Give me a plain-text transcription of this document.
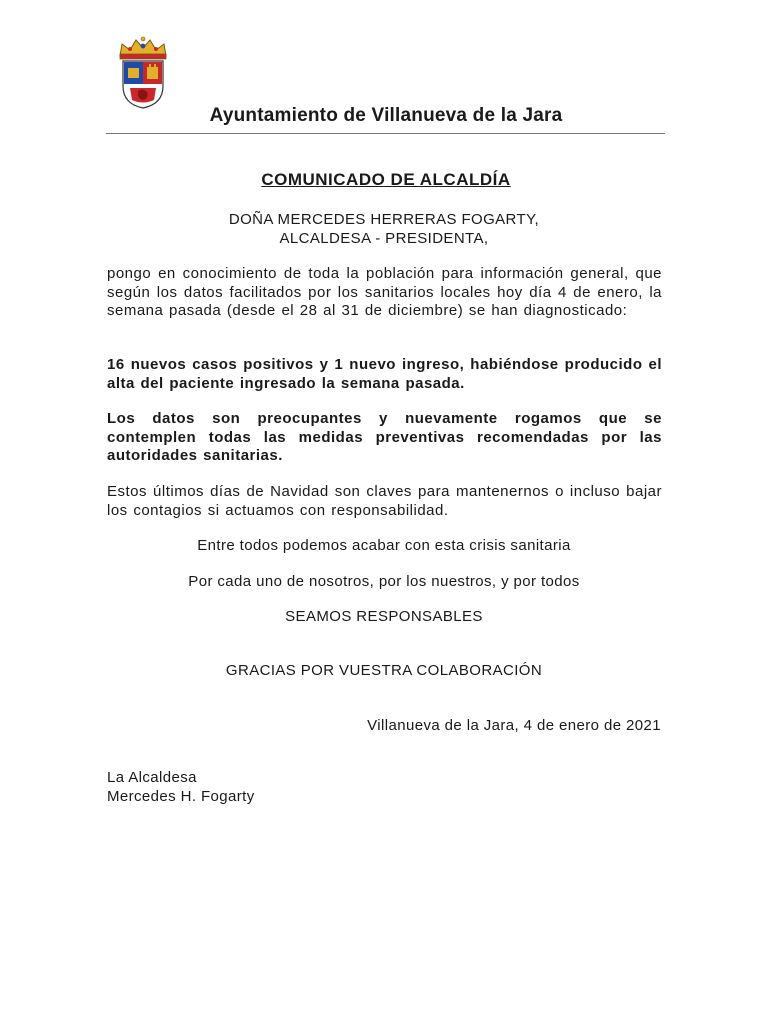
Ayuntamiento de Villanueva de la Jara
COMUNICADO DE ALCALDÍA
DOÑA MERCEDES HERRERAS FOGARTY,
ALCALDESA - PRESIDENTA,
pongo en conocimiento de toda la población para información general, que según los datos facilitados por los sanitarios locales hoy día 4 de enero, la semana pasada (desde el 28 al 31 de diciembre) se han diagnosticado:
16 nuevos casos positivos y 1 nuevo ingreso, habiéndose producido el alta del paciente ingresado la semana pasada.
Los datos son preocupantes y nuevamente rogamos que se contemplen todas las medidas preventivas recomendadas por las autoridades sanitarias.
Estos últimos días de Navidad son claves para mantenernos o incluso bajar los contagios si actuamos con responsabilidad.
Entre todos podemos acabar con esta crisis sanitaria
Por cada uno de nosotros, por los nuestros, y por todos
SEAMOS RESPONSABLES
GRACIAS POR VUESTRA COLABORACIÓN
Villanueva de la Jara, 4 de enero de 2021
La Alcaldesa
Mercedes H. Fogarty
